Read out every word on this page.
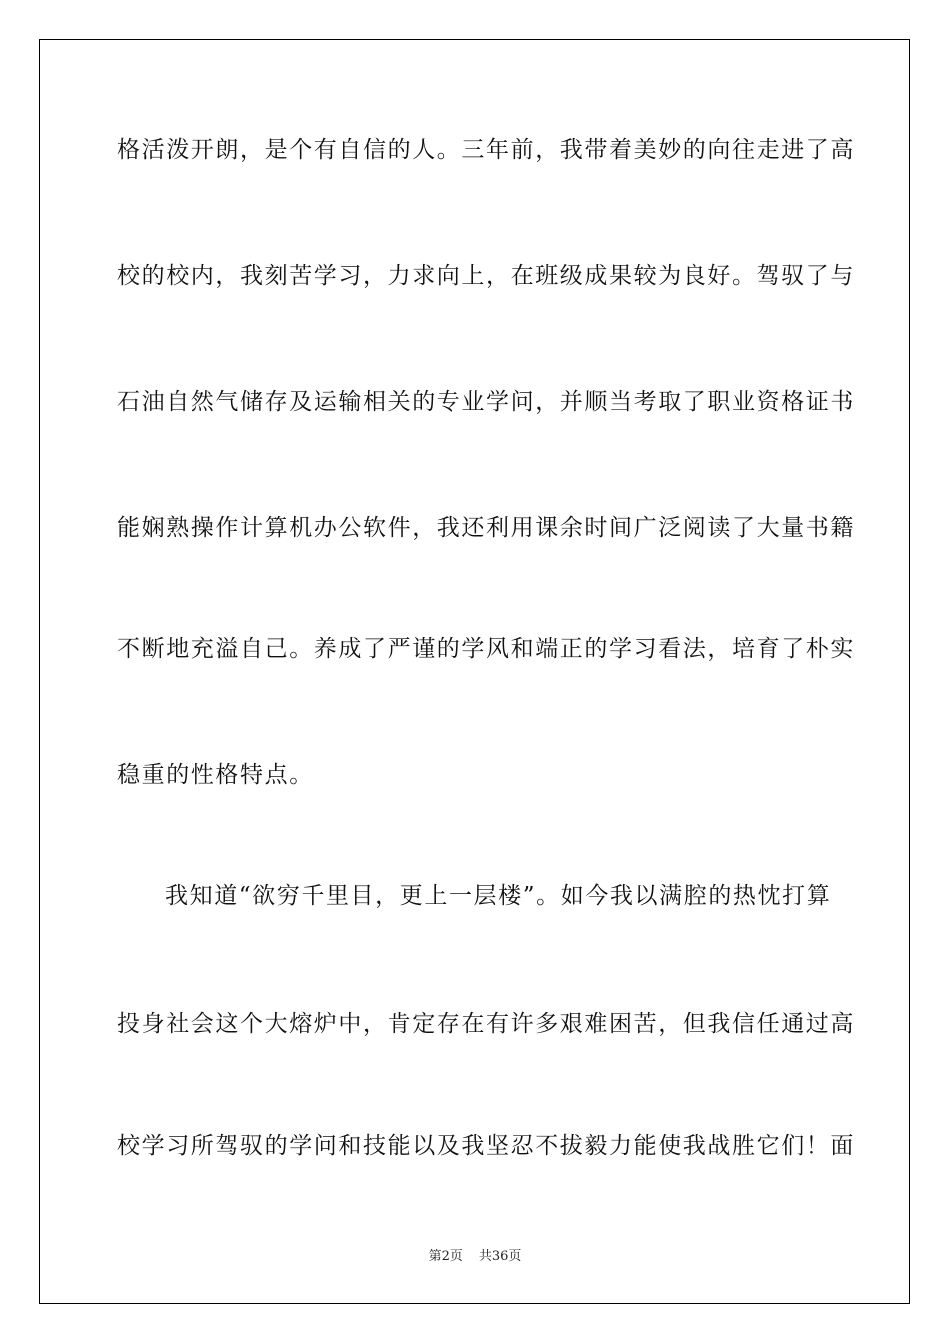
格活泼开朗，是个有自信的人。三年前，我带着美妙的向往走进了高
校的校内，我刻苦学习，力求向上，在班级成果较为良好。驾驭了与
石油自然气储存及运输相关的专业学问，并顺当考取了职业资格证书
能娴熟操作计算机办公软件，我还利用课余时间广泛阅读了大量书籍
不断地充溢自己。养成了严谨的学风和端正的学习看法，培育了朴实
稳重的性格特点。
我知道“欲穷千里目，更上一层楼”。如今我以满腔的热忱打算
投身社会这个大熔炉中，肯定存在有许多艰难困苦，但我信任通过高
校学习所驾驭的学问和技能以及我坚忍不拔毅力能使我战胜它们！面
第2页 共36页
